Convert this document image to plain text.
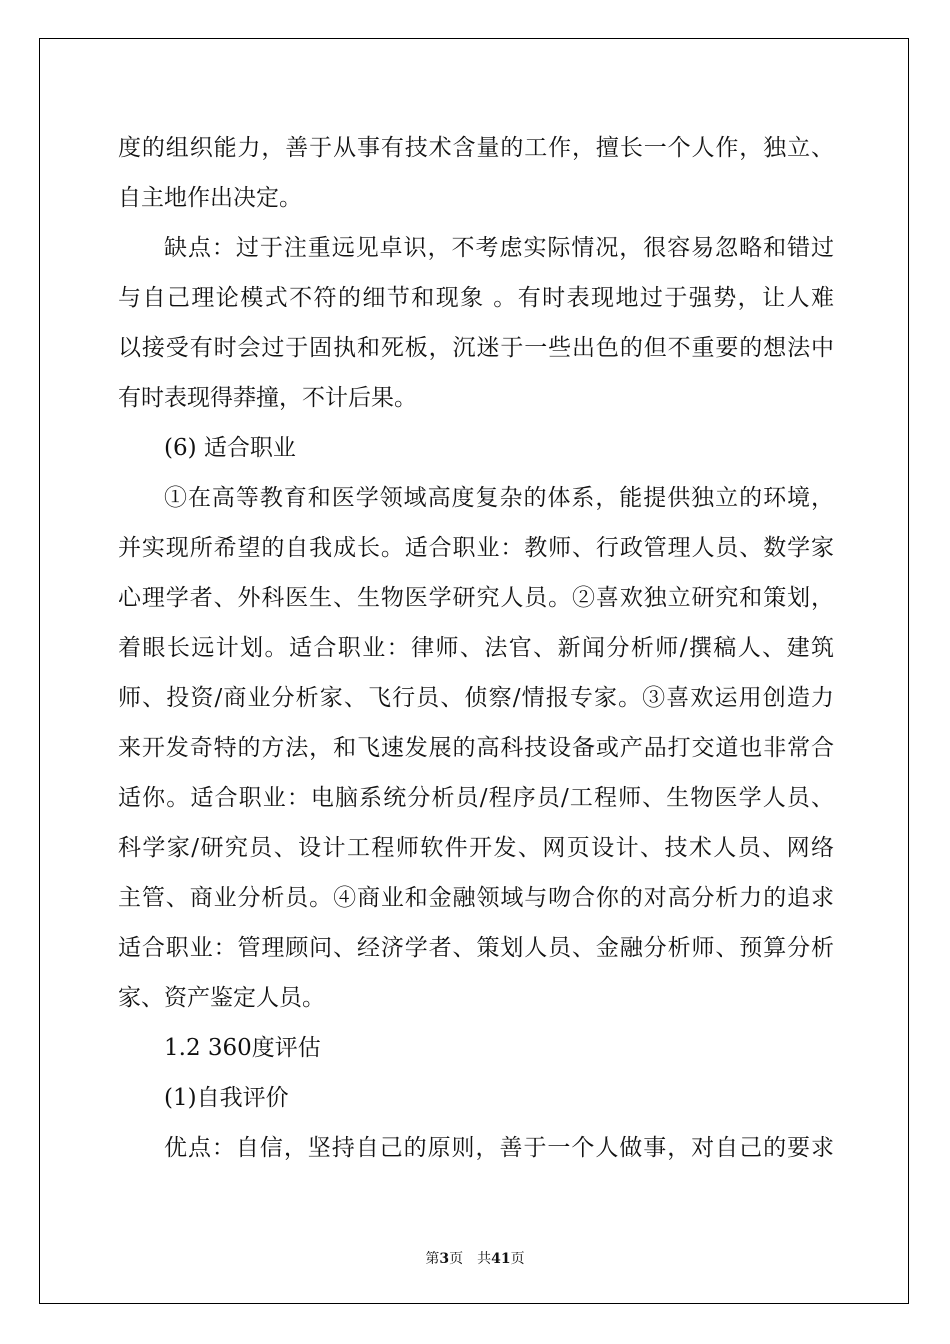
度的组织能力，善于从事有技术含量的工作，擅长一个人作，独立、
自主地作出决定。
缺点：过于注重远见卓识，不考虑实际情况，很容易忽略和错过
与自己理论模式不符的细节和现象 。有时表现地过于强势，让人难
以接受有时会过于固执和死板，沉迷于一些出色的但不重要的想法中
有时表现得莽撞，不计后果。
(6) 适合职业
①在高等教育和医学领域高度复杂的体系，能提供独立的环境，
并实现所希望的自我成长。适合职业：教师、行政管理人员、数学家
心理学者、外科医生、生物医学研究人员。②喜欢独立研究和策划，
着眼长远计划。适合职业：律师、法官、新闻分析师/撰稿人、建筑
师、投资/商业分析家、飞行员、侦察/情报专家。③喜欢运用创造力
来开发奇特的方法，和飞速发展的高科技设备或产品打交道也非常合
适你。适合职业：电脑系统分析员/程序员/工程师、生物医学人员、
科学家/研究员、设计工程师软件开发、网页设计、技术人员、网络
主管、商业分析员。④商业和金融领域与吻合你的对高分析力的追求
适合职业：管理顾问、经济学者、策划人员、金融分析师、预算分析
家、资产鉴定人员。
1.2 360度评估
(1)自我评价
优点：自信，坚持自己的原则，善于一个人做事，对自己的要求
第3页 共41页
